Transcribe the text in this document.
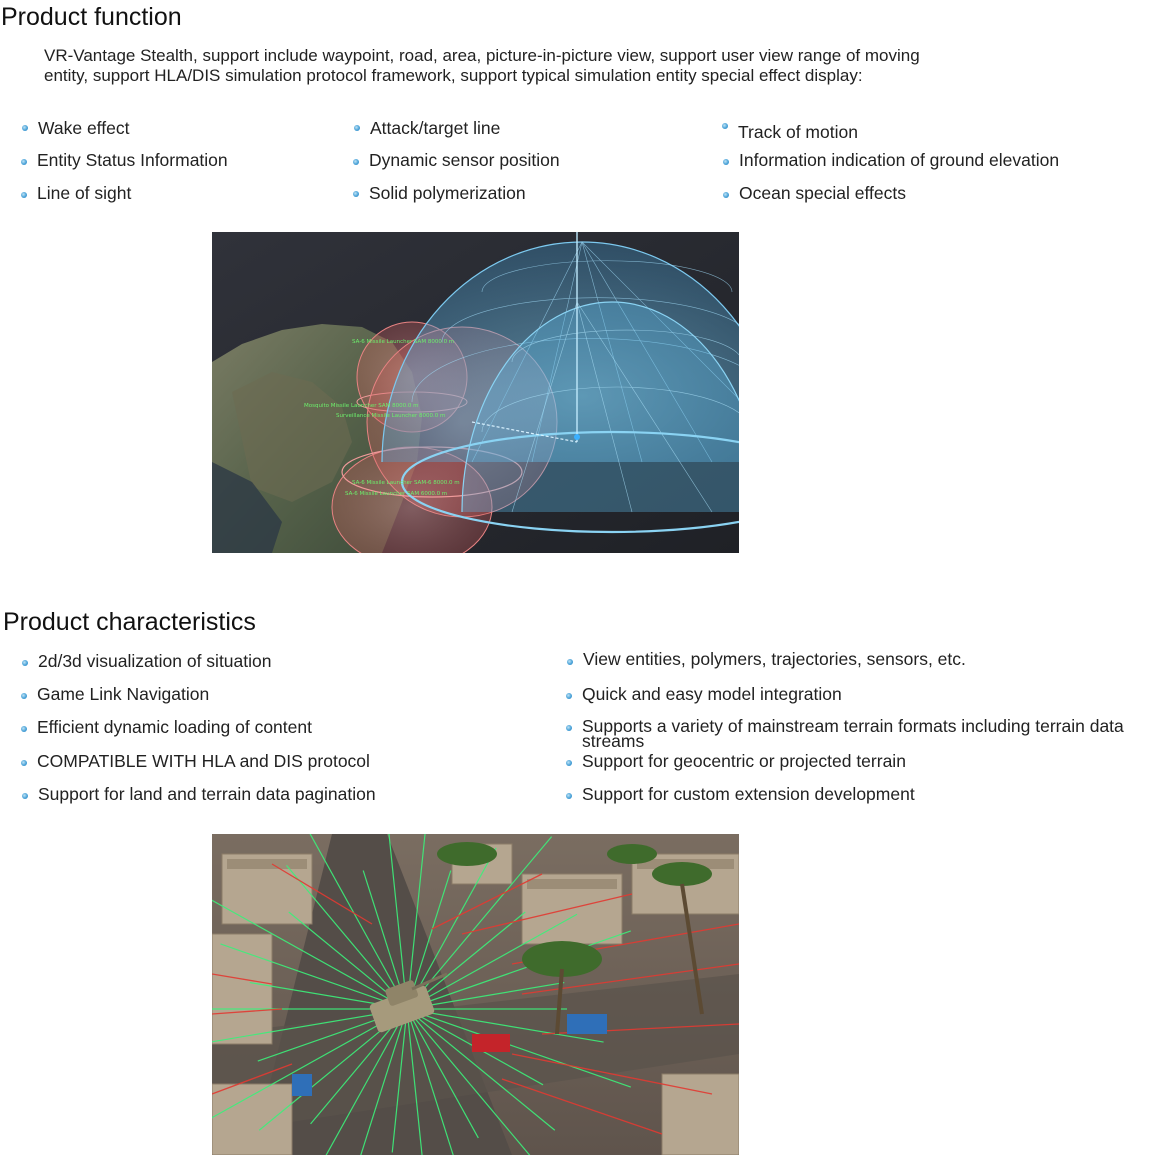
Product function
VR-Vantage Stealth, support include waypoint, road, area, picture-in-picture view, support user view range of moving entity, support HLA/DIS simulation protocol framework, support typical simulation entity special effect display:
Wake effect	Attack/target line	Track of motion
Entity Status Information	Dynamic sensor position	Information indication of ground elevation
Line of sight	Solid polymerization	Ocean special effects
SA-6 Missile Launcher SAM 8000.0 m
Mosquito Missile Launcher SAM 8000.0 m
Surveillance Missile Launcher 8000.0 m
SA-6 Missile Launcher SAM-6 8000.0 m
SA-6 Missile Launcher SAM 6000.0 m
Product characteristics
2d/3d visualization of situation
Game Link Navigation
Efficient dynamic loading of content
COMPATIBLE WITH HLA and DIS protocol
Support for land and terrain data pagination
View entities, polymers, trajectories, sensors, etc.
Quick and easy model integration
Supports a variety of mainstream terrain formats including terrain data streams
Support for geocentric or projected terrain
Support for custom extension development
